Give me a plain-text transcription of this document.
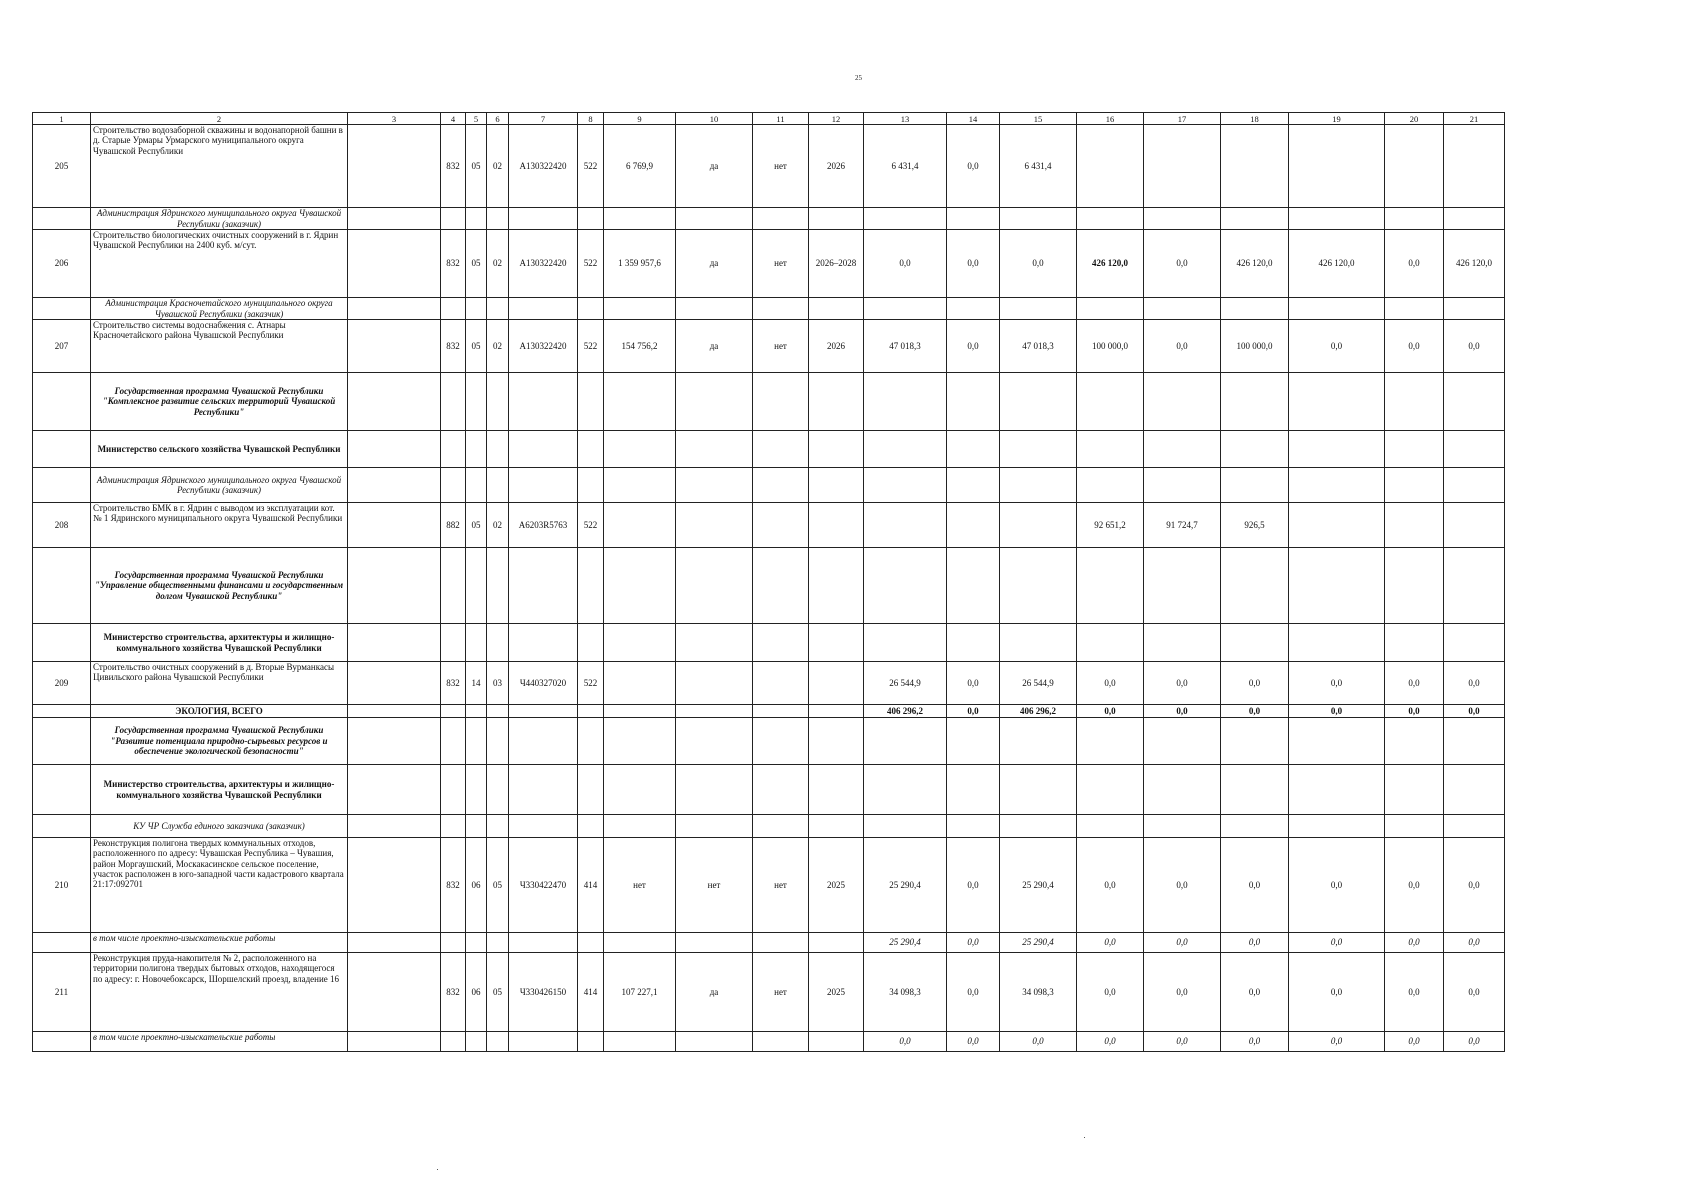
25
1	2	3	4	5	6	7	8	9	10	11	12	13	14	15	16	17	18	19	20	21
205	Строительство водозаборной скважины и водонапорной башни в д. Старые Урмары Урмарского муниципального округа Чувашской Республики		832	05	02	А130322420	522	6 769,9	да	нет	2026	6 431,4	0,0	6 431,4						
	Администрация Ядринского муниципального округа Чувашской Республики (заказчик)																			
206	Строительство биологических очистных сооружений в г. Ядрин Чувашской Республики на 2400 куб. м/сут.		832	05	02	А130322420	522	1 359 957,6	да	нет	2026–2028	0,0	0,0	0,0	426 120,0	0,0	426 120,0	426 120,0	0,0	426 120,0
	Администрация Красночетайского муниципального округа Чувашской Республики (заказчик)																			
207	Строительство системы водоснабжения с. Атнары Красночетайского района Чувашской Республики		832	05	02	А130322420	522	154 756,2	да	нет	2026	47 018,3	0,0	47 018,3	100 000,0	0,0	100 000,0	0,0	0,0	0,0
	Государственная программа Чувашской Республики "Комплексное развитие сельских территорий Чувашской Республики"																			
	Министерство сельского хозяйства Чувашской Республики																			
	Администрация Ядринского муниципального округа Чувашской Республики (заказчик)																			
208	Строительство БМК в г. Ядрин с выводом из эксплуатации кот. № 1 Ядринского муниципального округа Чувашской Республики		882	05	02	А6203R5763	522								92 651,2	91 724,7	926,5			
	Государственная программа Чувашской Республики "Управление общественными финансами и государственным долгом Чувашской Республики"																			
	Министерство строительства, архитектуры и жилищно-коммунального хозяйства Чувашской Республики																			
209	Строительство очистных сооружений в д. Вторые Вурманкасы Цивильского района Чувашской Республики		832	14	03	Ч440327020	522					26 544,9	0,0	26 544,9	0,0	0,0	0,0	0,0	0,0	0,0
	ЭКОЛОГИЯ, ВСЕГО											406 296,2	0,0	406 296,2	0,0	0,0	0,0	0,0	0,0	0,0
	Государственная программа Чувашской Республики "Развитие потенциала природно-сырьевых ресурсов и обеспечение экологической безопасности"																			
	Министерство строительства, архитектуры и жилищно-коммунального хозяйства Чувашской Республики																			
	КУ ЧР Служба единого заказчика (заказчик)																			
210	Реконструкция полигона твердых коммунальных отходов, расположенного по адресу: Чувашская Республика – Чувашия, район Моргаушский, Москакасинское сельское поселение, участок расположен в юго-западной части кадастрового квартала 21:17:092701		832	06	05	Ч330422470	414	нет	нет	нет	2025	25 290,4	0,0	25 290,4	0,0	0,0	0,0	0,0	0,0	0,0
	в том числе проектно-изыскательские работы											25 290,4	0,0	25 290,4	0,0	0,0	0,0	0,0	0,0	0,0
211	Реконструкция пруда-накопителя № 2, расположенного на территории полигона твердых бытовых отходов, находящегося по адресу: г. Новочебоксарск, Шоршелский проезд, владение 16		832	06	05	Ч330426150	414	107 227,1	да	нет	2025	34 098,3	0,0	34 098,3	0,0	0,0	0,0	0,0	0,0	0,0
	в том числе проектно-изыскательские работы											0,0	0,0	0,0	0,0	0,0	0,0	0,0	0,0	0,0
